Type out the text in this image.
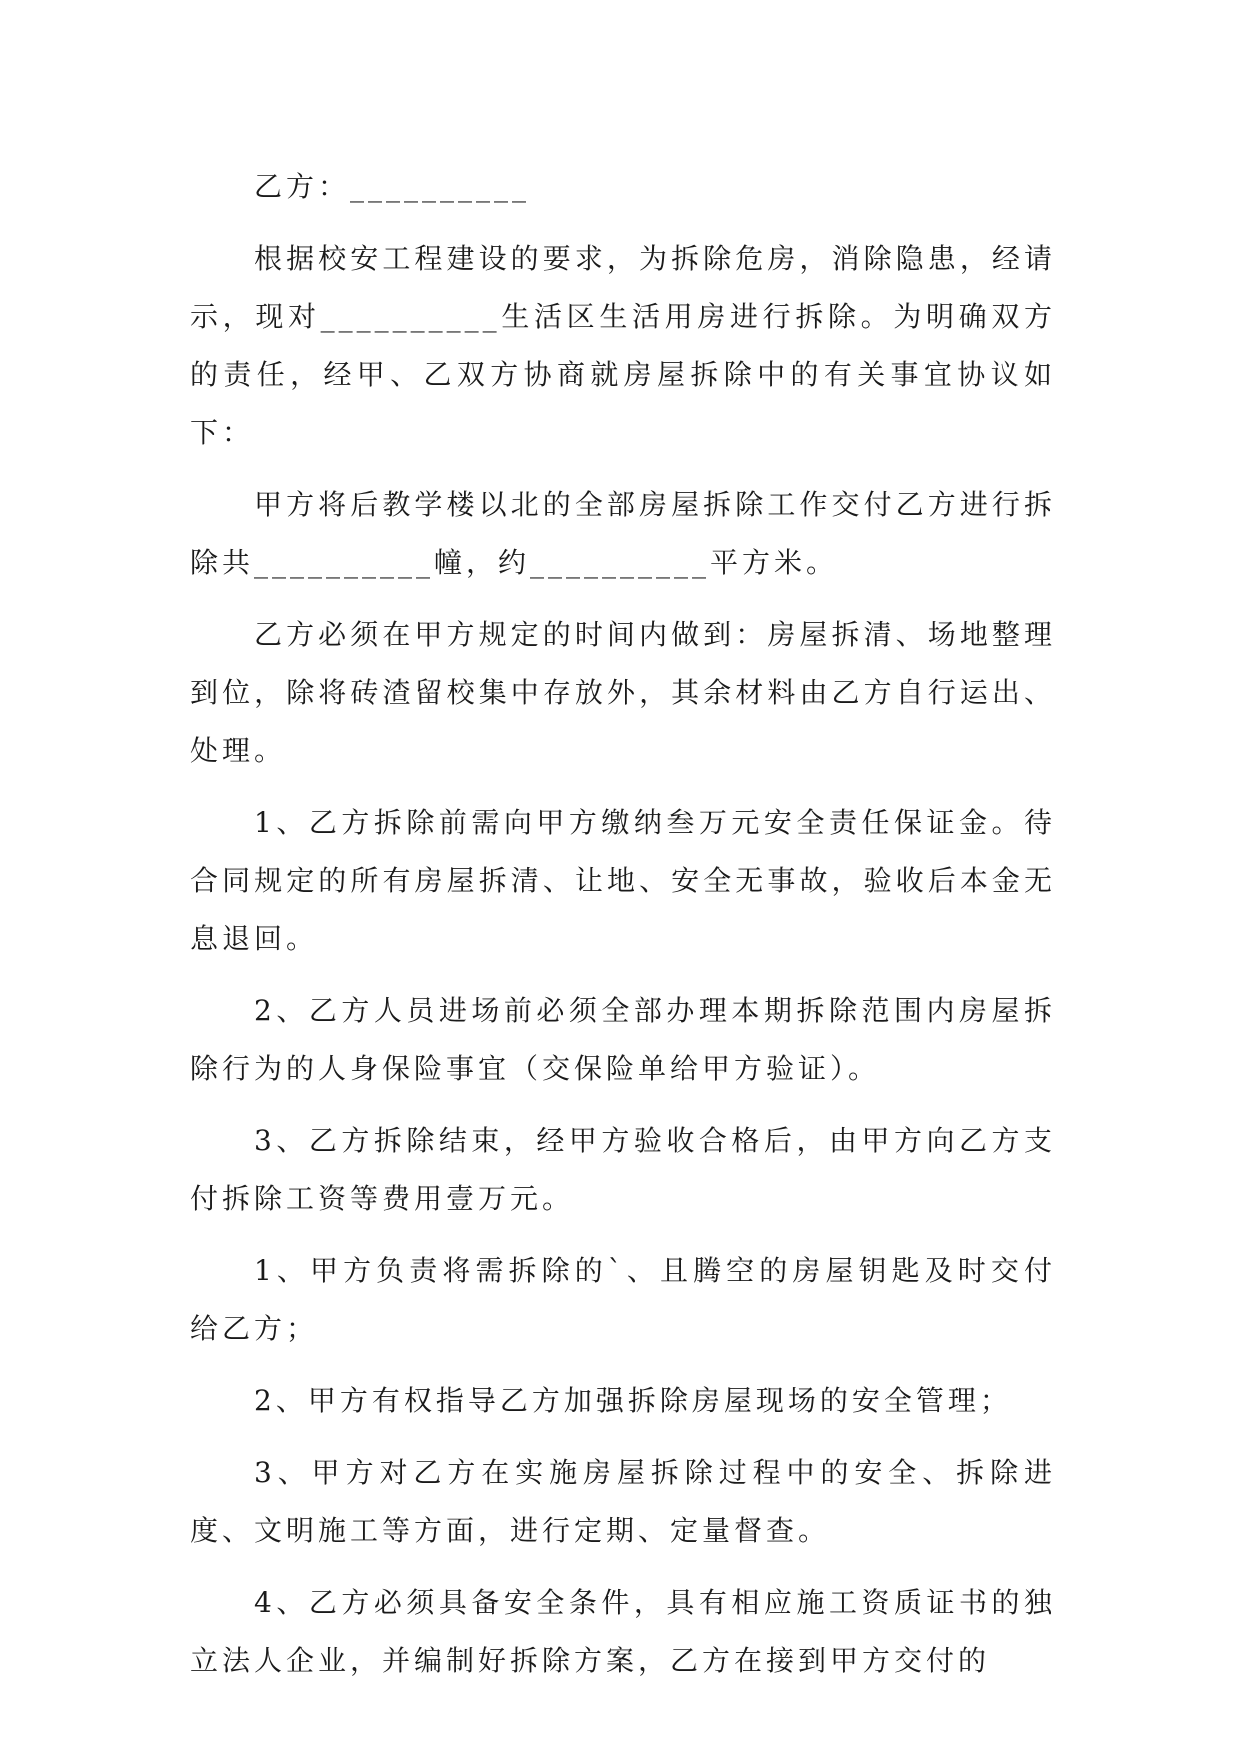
乙方：__________

根据校安工程建设的要求，为拆除危房，消除隐患，经请示，现对__________生活区生活用房进行拆除。为明确双方的责任，经甲、乙双方协商就房屋拆除中的有关事宜协议如下：

甲方将后教学楼以北的全部房屋拆除工作交付乙方进行拆除共__________幢，约__________平方米。

乙方必须在甲方规定的时间内做到：房屋拆清、场地整理到位，除将砖渣留校集中存放外，其余材料由乙方自行运出、处理。

1、乙方拆除前需向甲方缴纳叁万元安全责任保证金。待合同规定的所有房屋拆清、让地、安全无事故，验收后本金无息退回。

2、乙方人员进场前必须全部办理本期拆除范围内房屋拆除行为的人身保险事宜（交保险单给甲方验证）。

3、乙方拆除结束，经甲方验收合格后，由甲方向乙方支付拆除工资等费用壹万元。

1、甲方负责将需拆除的`、且腾空的房屋钥匙及时交付给乙方；

2、甲方有权指导乙方加强拆除房屋现场的安全管理；

3、甲方对乙方在实施房屋拆除过程中的安全、拆除进度、文明施工等方面，进行定期、定量督查。

4、乙方必须具备安全条件，具有相应施工资质证书的独立法人企业，并编制好拆除方案，乙方在接到甲方交付的
